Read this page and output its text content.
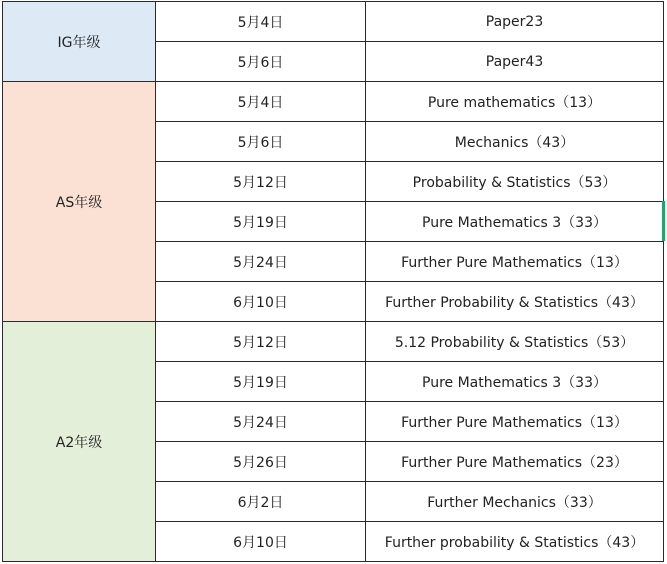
IG年级	5月4日	Paper23
	5月6日	Paper43
AS年级	5月4日	Pure mathematics（13）
	5月6日	Mechanics（43）
	5月12日	Probability & Statistics（53）
	5月19日	Pure Mathematics 3（33）
	5月24日	Further Pure Mathematics（13）
	6月10日	Further Probability & Statistics（43）
A2年级	5月12日	5.12 Probability & Statistics（53）
	5月19日	Pure Mathematics 3（33）
	5月24日	Further Pure Mathematics（13）
	5月26日	Further Pure Mathematics（23）
	6月2日	Further Mechanics（33）
	6月10日	Further probability & Statistics（43）
